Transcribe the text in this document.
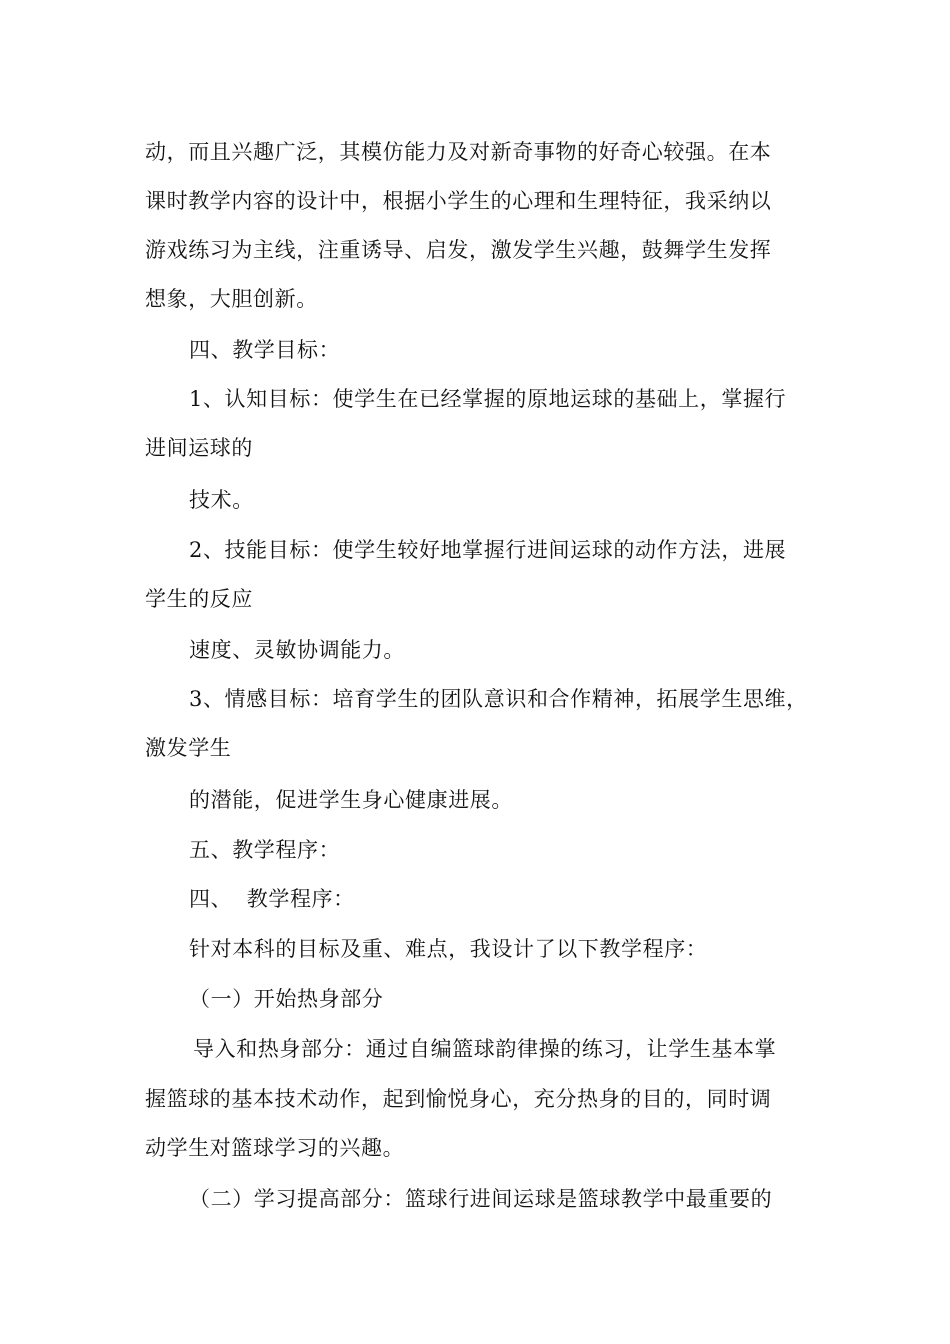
动，而且兴趣广泛，其模仿能力及对新奇事物的好奇心较强。在本
课时教学内容的设计中，根据小学生的心理和生理特征，我采纳以
游戏练习为主线，注重诱导、启发，激发学生兴趣，鼓舞学生发挥
想象，大胆创新。
四、教学目标：
1、认知目标：使学生在已经掌握的原地运球的基础上，掌握行
进间运球的
技术。
2、技能目标：使学生较好地掌握行进间运球的动作方法，进展
学生的反应
速度、灵敏协调能力。
3、情感目标：培育学生的团队意识和合作精神，拓展学生思维，
激发学生
的潜能，促进学生身心健康进展。
五、教学程序：
四、  教学程序：
针对本科的目标及重、难点，我设计了以下教学程序：
（一）开始热身部分
导入和热身部分：通过自编篮球韵律操的练习，让学生基本掌
握篮球的基本技术动作，起到愉悦身心，充分热身的目的，同时调
动学生对篮球学习的兴趣。
（二）学习提高部分：篮球行进间运球是篮球教学中最重要的
